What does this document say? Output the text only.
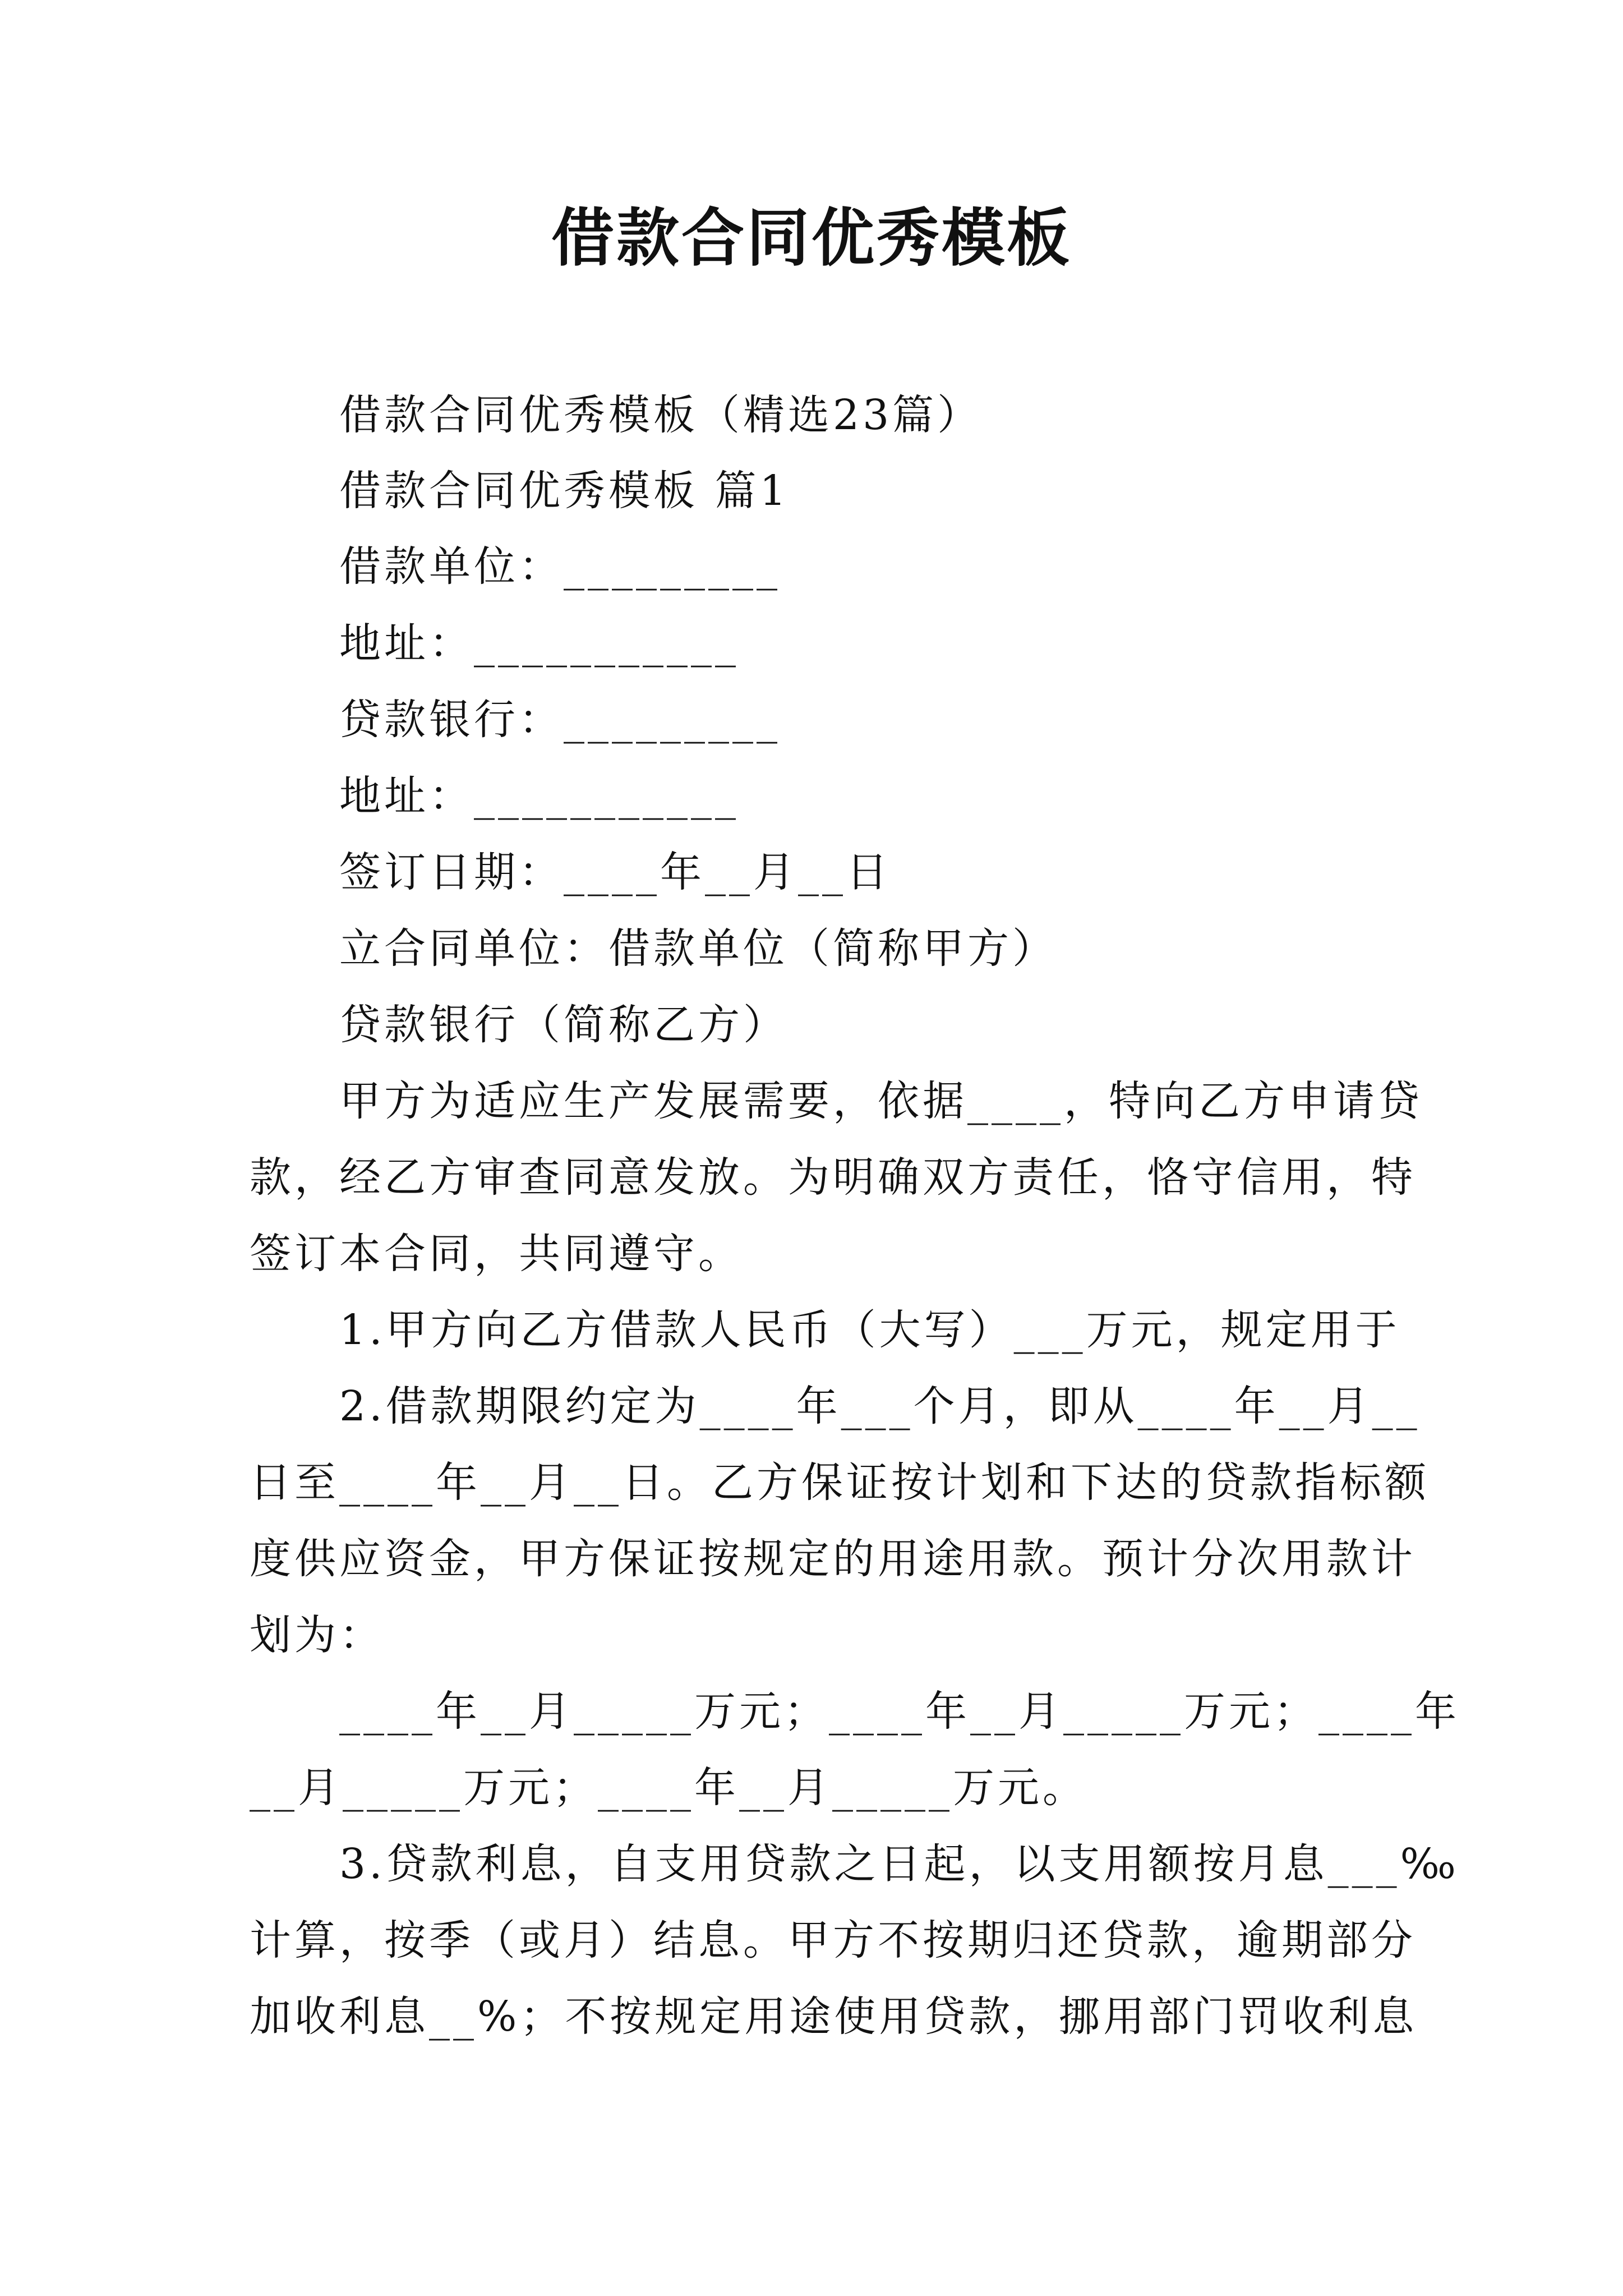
借款合同优秀模板
借款合同优秀模板（精选23篇）
借款合同优秀模板 篇1
借款单位：_________
地址：___________
贷款银行：_________
地址：___________
签订日期：____年__月__日
立合同单位：借款单位（简称甲方）
贷款银行（简称乙方）
甲方为适应生产发展需要，依据____，特向乙方申请贷
款，经乙方审查同意发放。为明确双方责任，恪守信用，特
签订本合同，共同遵守。
1.甲方向乙方借款人民币（大写）___万元，规定用于
2.借款期限约定为____年___个月，即从____年__月__
日至____年__月__日。乙方保证按计划和下达的贷款指标额
度供应资金，甲方保证按规定的用途用款。预计分次用款计
划为：
____年__月_____万元；____年__月_____万元；____年
__月_____万元；____年__月_____万元。
3.贷款利息，自支用贷款之日起，以支用额按月息___‰
计算，按季（或月）结息。甲方不按期归还贷款，逾期部分
加收利息__%；不按规定用途使用贷款，挪用部门罚收利息
